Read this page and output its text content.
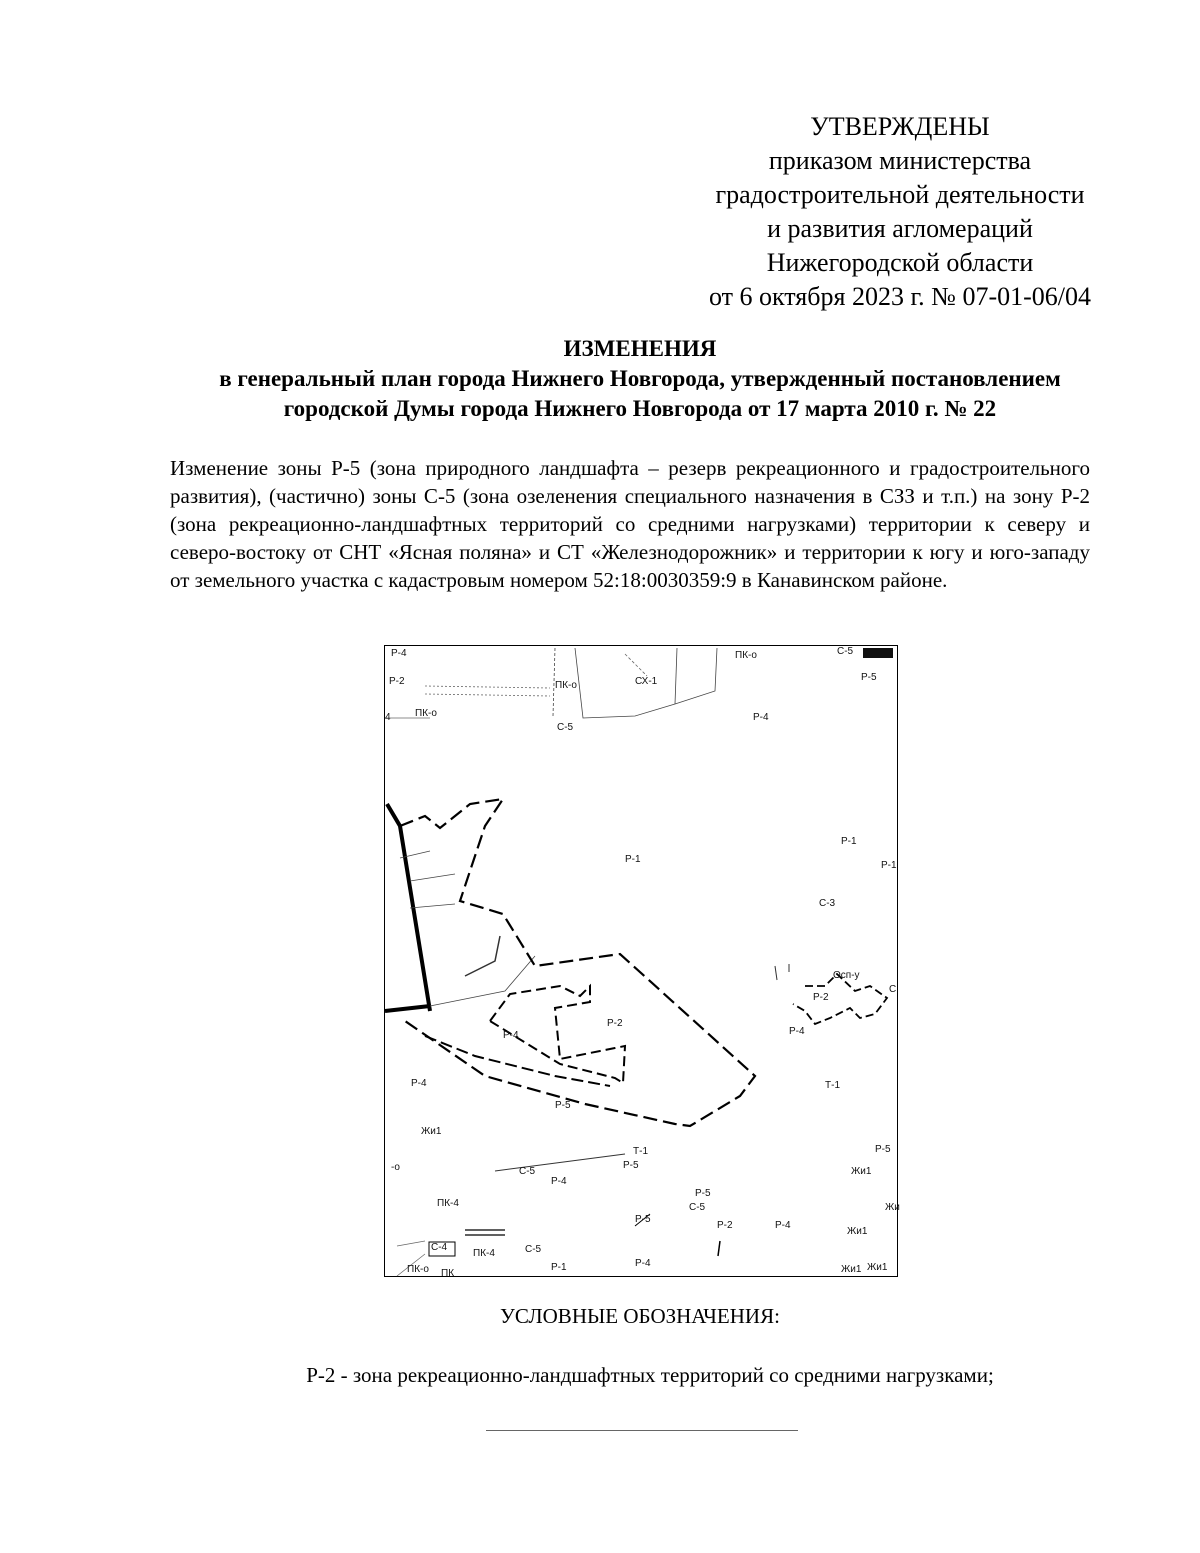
УТВЕРЖДЕНЫ
приказом министерства
градостроительной деятельности
и развития агломераций
Нижегородской области
от 6 октября 2023 г. № 07-01-06/04
ИЗМЕНЕНИЯ
в генеральный план города Нижнего Новгорода, утвержденный постановлением
городской Думы города Нижнего Новгорода от 17 марта 2010 г. № 22
Изменение зоны Р-5 (зона природного ландшафта – резерв рекреационного и градостроительного развития), (частично) зоны С-5 (зона озеленения специального назначения в СЗЗ и т.п.) на зону Р-2 (зона рекреационно-ландшафтных территорий со средними нагрузками) территории к северу и северо-востоку от СНТ «Ясная поляна» и СТ «Железнодорожник» и территории к югу и юго-западу от земельного участка с кадастровым номером 52:18:0030359:9 в Канавинском районе.
Р-4
Р-2
4 ПК-о
ПК-о
С-5
СХ-1
ПК-о	С-5
Р-5
Р-4
Р-1
Р-1
Р-1
С-3
Осп-у
Р-2
С
Р-4
Р-2
Р-4
Р-4
Р-5
Т-1
Жи1
Р-5
Жи1
Т-1
С-5
Р-5
Р-4
-о
Р-5
С-5
Р-5
Р-2	Р-4
Жи
Жи1
ПК-4
С-4
ПК-4	С-5
ПК-о ПК
Р-1	Р-4
Жи1 Жи1
УСЛОВНЫЕ ОБОЗНАЧЕНИЯ:
Р-2 - зона рекреационно-ландшафтных территорий со средними нагрузками;
